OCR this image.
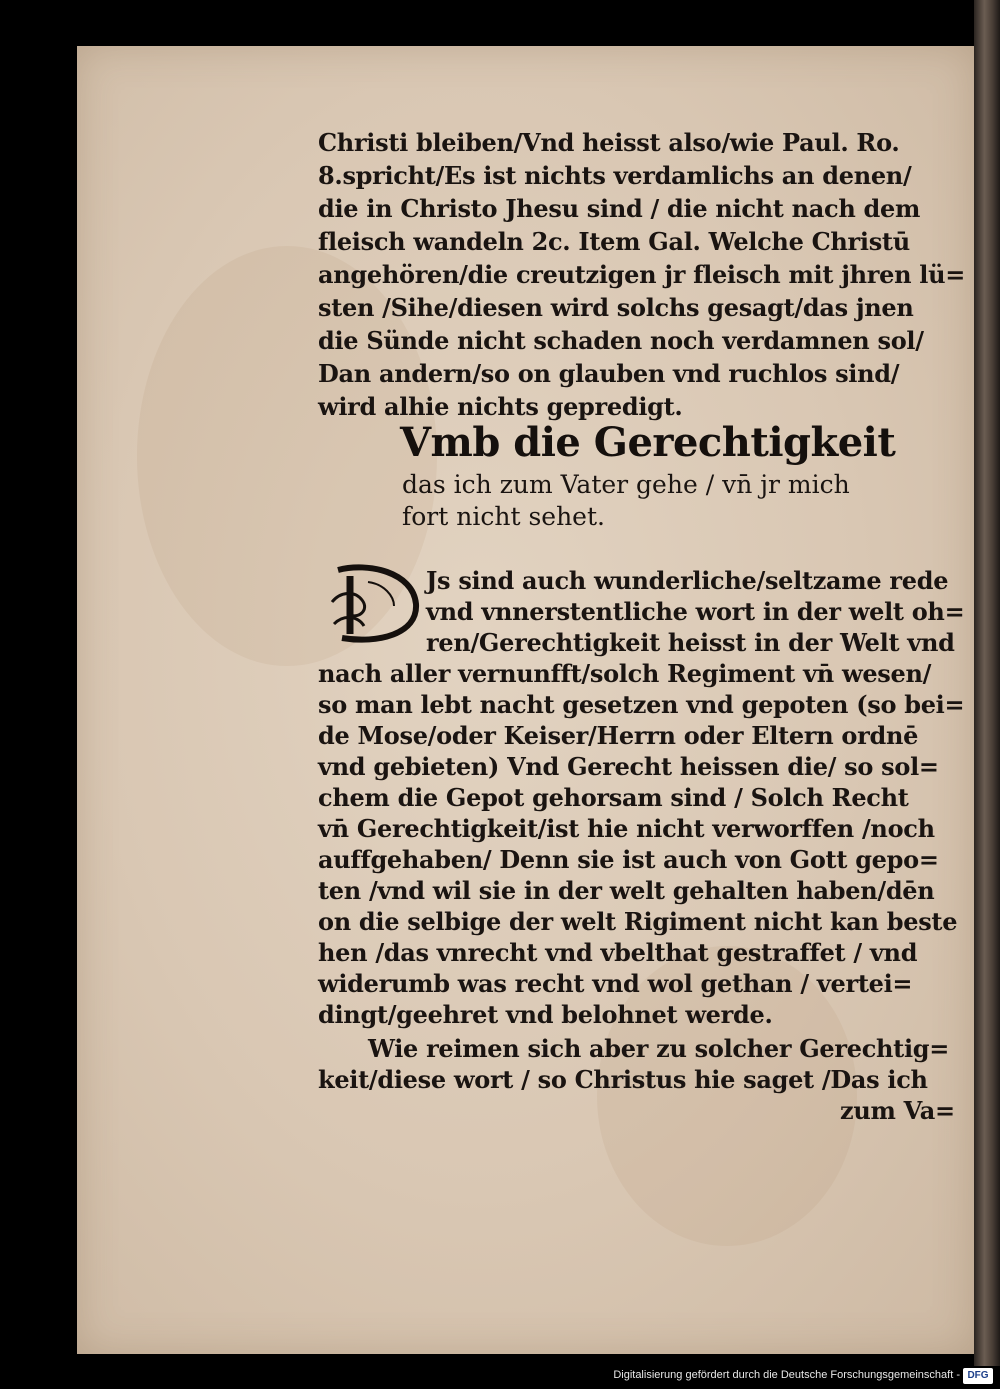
Christi bleiben/Vnd heisst also/wie Paul. Ro.
8.spricht/Es ist nichts verdamlichs an denen/
die in Christo Jhesu sind / die nicht nach dem
fleisch wandeln 2c. Item Gal. Welche Christū
angehören/die creutzigen jr fleisch mit jhren lü=
sten /Sihe/diesen wird solchs gesagt/das jnen
die Sünde nicht schaden noch verdamnen sol/
Dan andern/so on glauben vnd ruchlos sind/
wird alhie nichts gepredigt.
Vmb die Gerechtigkeit
das ich zum Vater gehe / vn̄ jr mich
fort nicht sehet.
Js sind auch wunderliche/seltzame rede
vnd vnnerstentliche wort in der welt oh=
ren/Gerechtigkeit heisst in der Welt vnd
nach aller vernunfft/solch Regiment vn̄ wesen/
so man lebt nacht gesetzen vnd gepoten (so bei=
de Mose/oder Keiser/Herrn oder Eltern ordnē
vnd gebieten) Vnd Gerecht heissen die/ so sol=
chem die Gepot gehorsam sind / Solch Recht
vn̄ Gerechtigkeit/ist hie nicht verworffen /noch
auffgehaben/ Denn sie ist auch von Gott gepo=
ten /vnd wil sie in der welt gehalten haben/dēn
on die selbige der welt Rigiment nicht kan beste
hen /das vnrecht vnd vbelthat gestraffet / vnd
widerumb was recht vnd wol gethan / vertei=
dingt/geehret vnd belohnet werde.
Wie reimen sich aber zu solcher Gerechtig=
keit/diese wort / so Christus hie saget /Das ich
zum Va=
Digitalisierung gefördert durch die Deutsche Forschungsgemeinschaft - DFG
